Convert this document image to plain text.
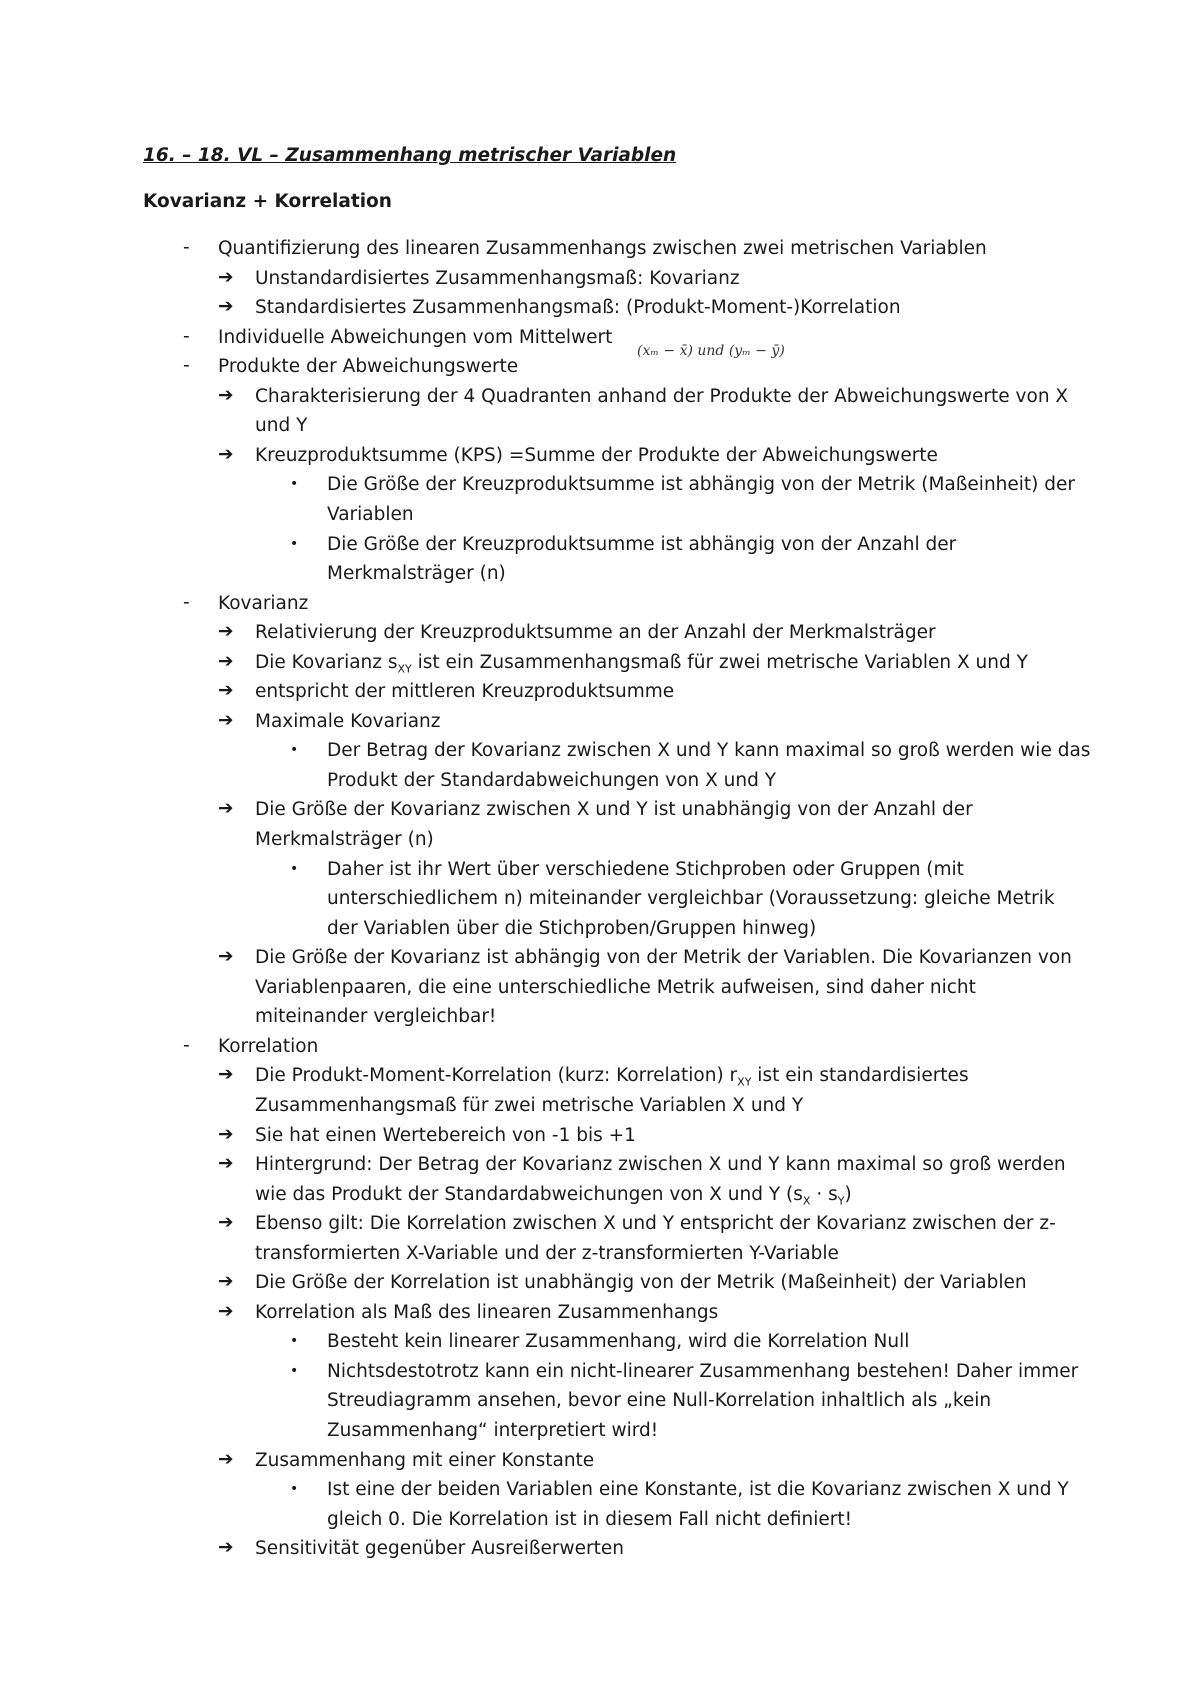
16. – 18. VL – Zusammenhang metrischer Variablen
Kovarianz + Korrelation
(xₘ − x̄) und (yₘ − ȳ)
- Quantifizierung des linearen Zusammenhangs zwischen zwei metrischen Variablen
➔ Unstandardisiertes Zusammenhangsmaß: Kovarianz
➔ Standardisiertes Zusammenhangsmaß: (Produkt-Moment-)Korrelation
- Individuelle Abweichungen vom Mittelwert
- Produkte der Abweichungswerte
➔ Charakterisierung der 4 Quadranten anhand der Produkte der Abweichungswerte von X
und Y
➔ Kreuzproduktsumme (KPS) =Summe der Produkte der Abweichungswerte
• Die Größe der Kreuzproduktsumme ist abhängig von der Metrik (Maßeinheit) der
Variablen
• Die Größe der Kreuzproduktsumme ist abhängig von der Anzahl der
Merkmalsträger (n)
- Kovarianz
➔ Relativierung der Kreuzproduktsumme an der Anzahl der Merkmalsträger
➔ Die Kovarianz $s_{XY}$ ist ein Zusammenhangsmaß für zwei metrische Variablen X und Y
➔ entspricht der mittleren Kreuzproduktsumme
➔ Maximale Kovarianz
• Der Betrag der Kovarianz zwischen X und Y kann maximal so groß werden wie das
Produkt der Standardabweichungen von X und Y
➔ Die Größe der Kovarianz zwischen X und Y ist unabhängig von der Anzahl der
Merkmalsträger (n)
• Daher ist ihr Wert über verschiedene Stichproben oder Gruppen (mit
unterschiedlichem n) miteinander vergleichbar (Voraussetzung: gleiche Metrik
der Variablen über die Stichproben/Gruppen hinweg)
➔ Die Größe der Kovarianz ist abhängig von der Metrik der Variablen. Die Kovarianzen von
Variablenpaaren, die eine unterschiedliche Metrik aufweisen, sind daher nicht
miteinander vergleichbar!
- Korrelation
➔ Die Produkt-Moment-Korrelation (kurz: Korrelation) $r_{XY}$ ist ein standardisiertes
Zusammenhangsmaß für zwei metrische Variablen X und Y
➔ Sie hat einen Wertebereich von -1 bis +1
➔ Hintergrund: Der Betrag der Kovarianz zwischen X und Y kann maximal so groß werden
wie das Produkt der Standardabweichungen von X und Y $(s_X \cdot s_Y)$
➔ Ebenso gilt: Die Korrelation zwischen X und Y entspricht der Kovarianz zwischen der z-
transformierten X-Variable und der z-transformierten Y-Variable
➔ Die Größe der Korrelation ist unabhängig von der Metrik (Maßeinheit) der Variablen
➔ Korrelation als Maß des linearen Zusammenhangs
• Besteht kein linearer Zusammenhang, wird die Korrelation Null
• Nichtsdestotrotz kann ein nicht-linearer Zusammenhang bestehen! Daher immer
Streudiagramm ansehen, bevor eine Null-Korrelation inhaltlich als „kein
Zusammenhang“ interpretiert wird!
➔ Zusammenhang mit einer Konstante
• Ist eine der beiden Variablen eine Konstante, ist die Kovarianz zwischen X und Y
gleich 0. Die Korrelation ist in diesem Fall nicht definiert!
➔ Sensitivität gegenüber Ausreißerwerten
